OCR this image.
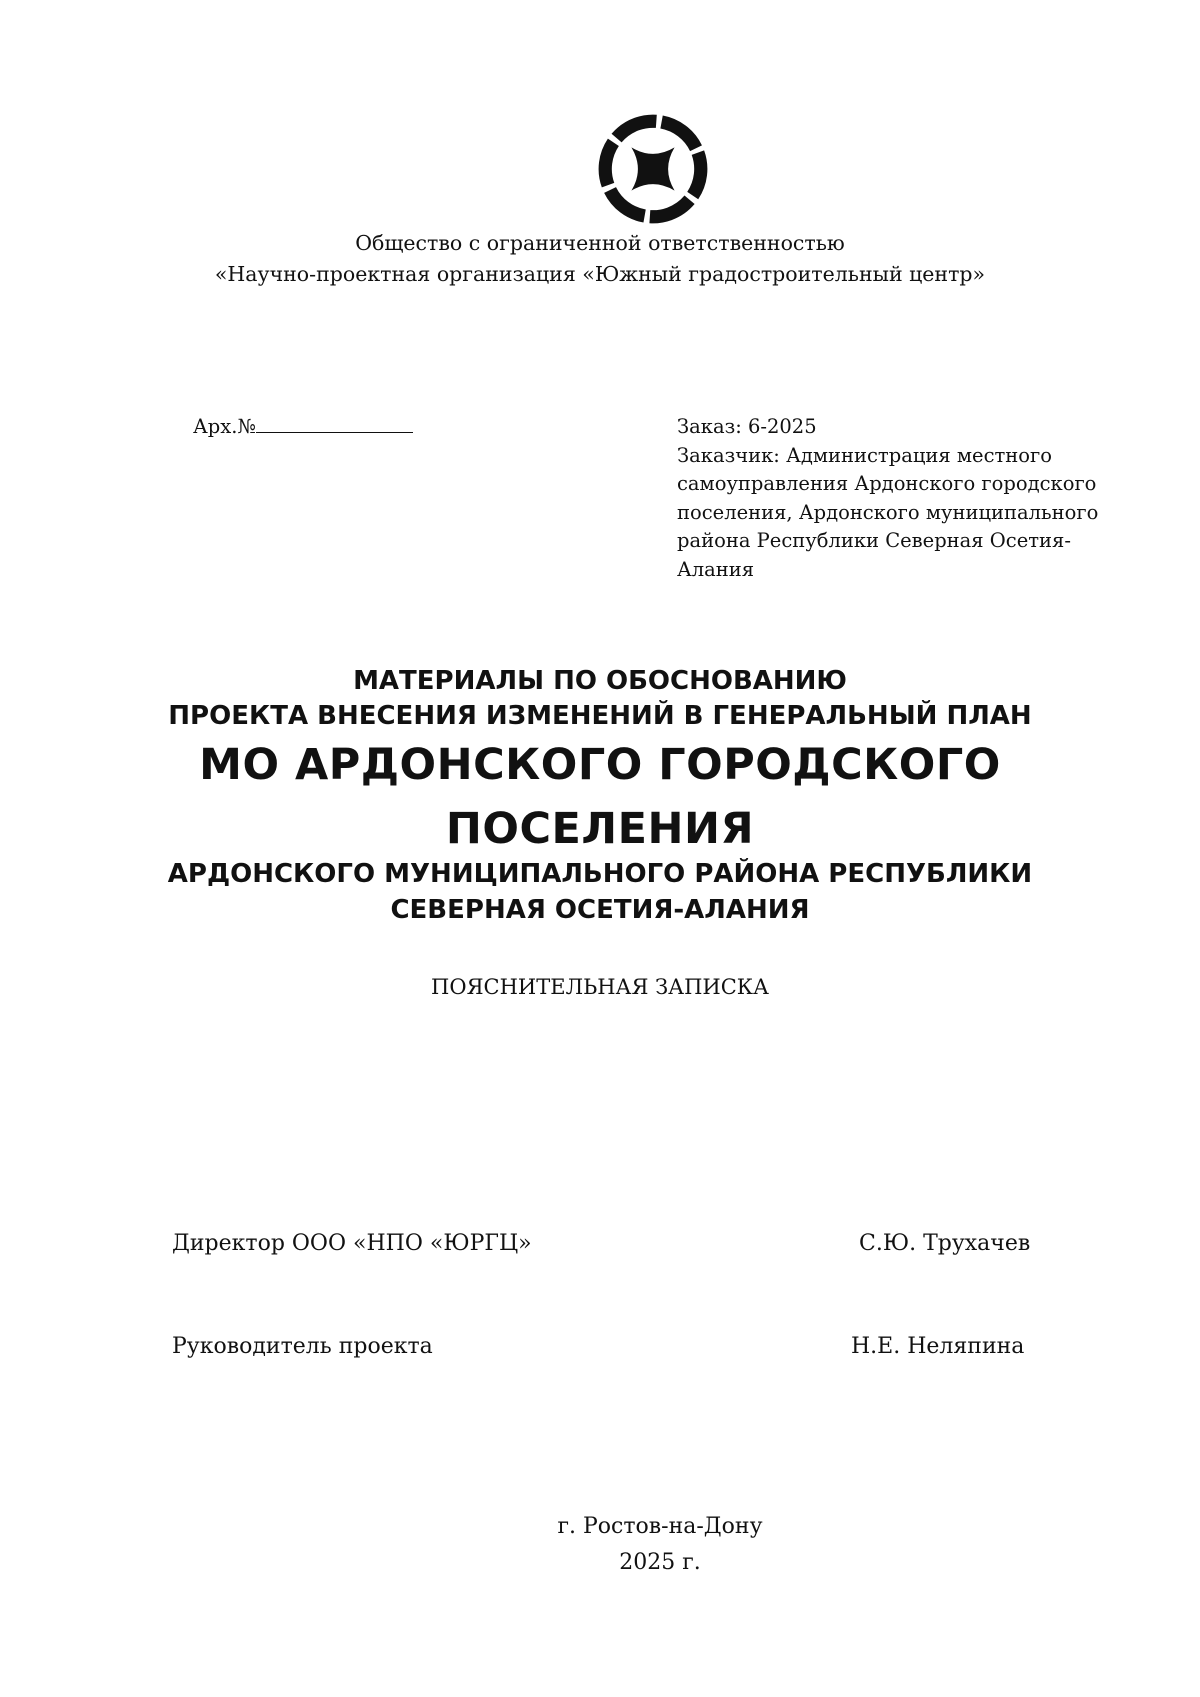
Общество с ограниченной ответственностью
«Научно-проектная организация «Южный градостроительный центр»
Арх.№	Заказ: 6-2025
Заказчик: Администрация местного
самоуправления Ардонского городского
поселения, Ардонского муниципального
района Республики Северная Осетия-
Алания
МАТЕРИАЛЫ ПО ОБОСНОВАНИЮ
ПРОЕКТА ВНЕСЕНИЯ ИЗМЕНЕНИЙ В ГЕНЕРАЛЬНЫЙ ПЛАН
МО АРДОНСКОГО ГОРОДСКОГО
ПОСЕЛЕНИЯ
АРДОНСКОГО МУНИЦИПАЛЬНОГО РАЙОНА РЕСПУБЛИКИ
СЕВЕРНАЯ ОСЕТИЯ-АЛАНИЯ
ПОЯСНИТЕЛЬНАЯ ЗАПИСКА
Директор ООО «НПО «ЮРГЦ»	С.Ю. Трухачев
Руководитель проекта	Н.Е. Неляпина
г. Ростов-на-Дону
2025 г.
